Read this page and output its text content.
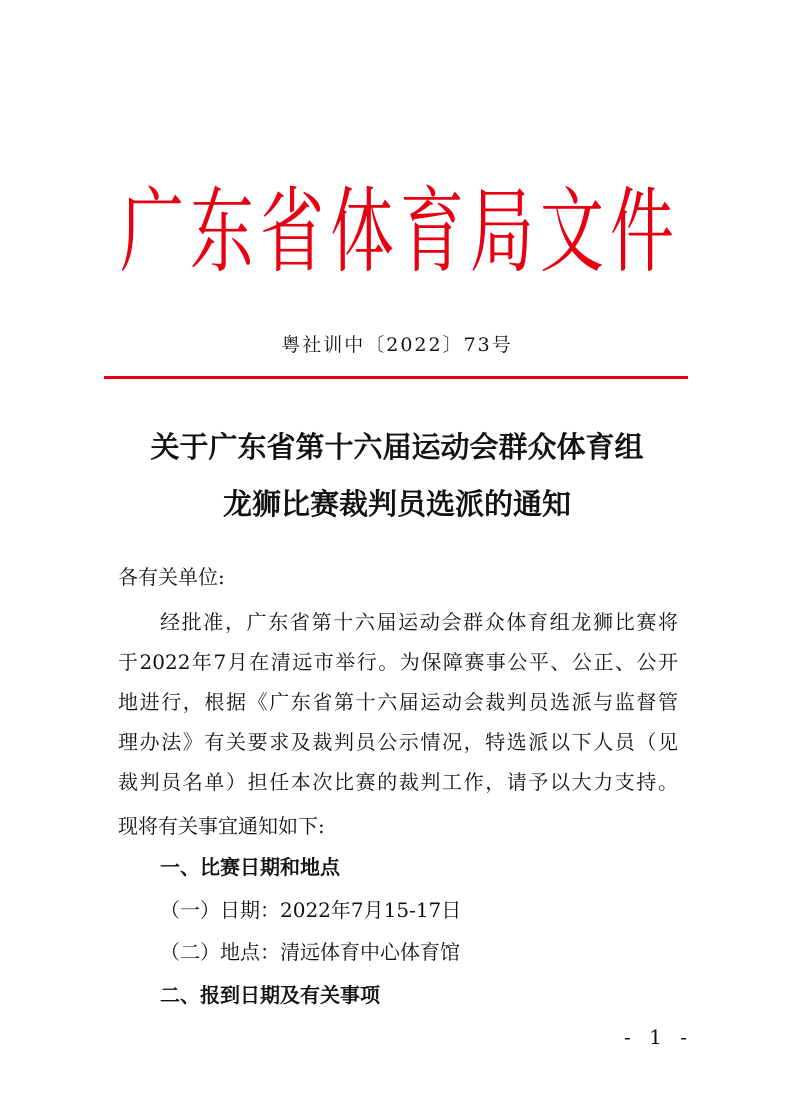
广东省体育局文件
粤社训中〔2022〕73号
关于广东省第十六届运动会群众体育组
龙狮比赛裁判员选派的通知
各有关单位:
经批准，广东省第十六届运动会群众体育组龙狮比赛将
于2022年7月在清远市举行。为保障赛事公平、公正、公开
地进行，根据《广东省第十六届运动会裁判员选派与监督管
理办法》有关要求及裁判员公示情况，特选派以下人员（见
裁判员名单）担任本次比赛的裁判工作，请予以大力支持。
现将有关事宜通知如下:
一、比赛日期和地点
（一）日期：2022年7月15-17日
（二）地点：清远体育中心体育馆
二、报到日期及有关事项
- 1 -
